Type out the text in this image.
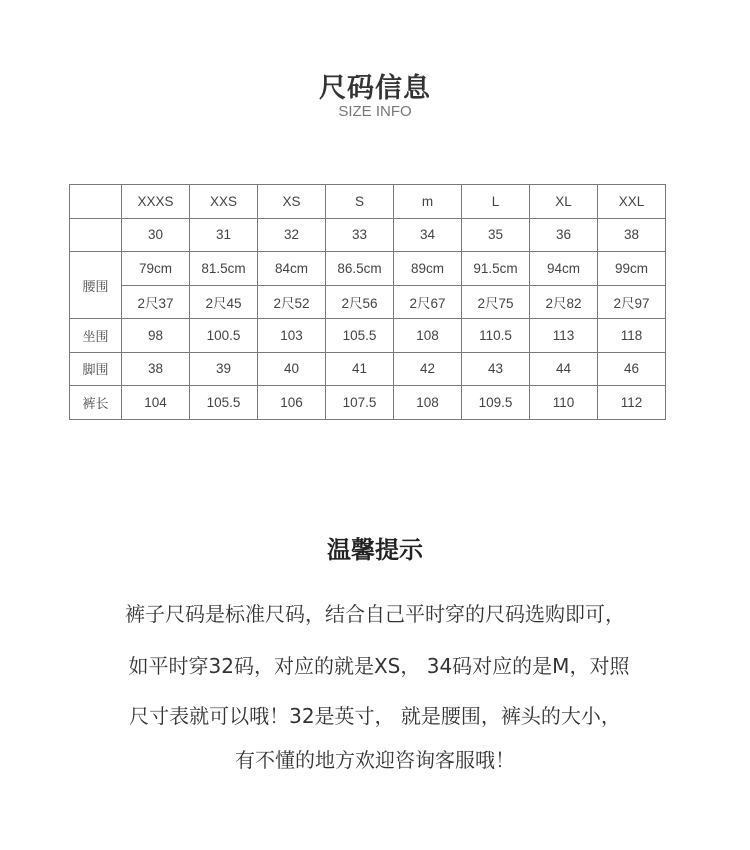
尺码信息
SIZE INFO
	XXXS	XXS	XS	S	m	L	XL	XXL
	30	31	32	33	34	35	36	38
腰围	79cm	81.5cm	84cm	86.5cm	89cm	91.5cm	94cm	99cm
	2尺37	2尺45	2尺52	2尺56	2尺67	2尺75	2尺82	2尺97
坐围	98	100.5	103	105.5	108	110.5	113	118
脚围	38	39	40	41	42	43	44	46
裤长	104	105.5	106	107.5	108	109.5	110	112
温馨提示
裤子尺码是标准尺码，结合自己平时穿的尺码选购即可，
如平时穿32码，对应的就是XS， 34码对应的是M，对照
尺寸表就可以哦！32是英寸， 就是腰围，裤头的大小，
有不懂的地方欢迎咨询客服哦！
